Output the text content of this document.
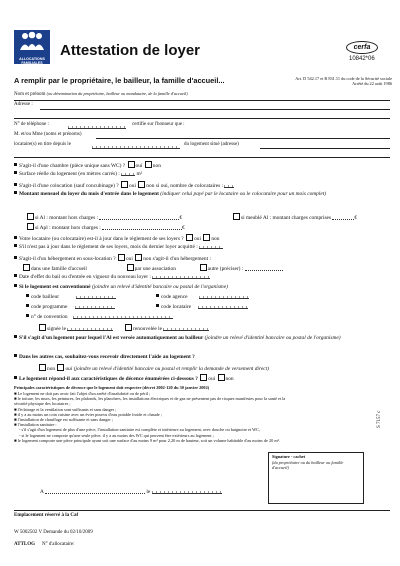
ALLOCATIONS FAMILIALES
Attestation de loyer	cerfa
10842*06
A remplir par le propriétaire, le bailleur, la famille d'accueil...	Art. D 542.17 et R 831.11 du code de la Sécurité sociale
Arrêté du 22 août 1986
Nom et prénom (ou dénomination du propriétaire, bailleur ou mandataire, de la famille d'accueil)
Adresse :
N° de téléphone :	certifie sur l'honneur que :
M. et/ou Mme (noms et prénoms)
locataire(s) en titre depuis le	du logement situé (adresse)
S'agit-il d'une chambre (pièce unique sans WC) ? oui non
Surface réelle du logement (en mètres carrés) :	m²
S'agit-il d'une colocation (sauf concubinage) ? oui non si oui, nombre de colocataires :
Montant mensuel du loyer du mois d'entrée dans le logement (indiquer celui payé par le locataire ou le colocataire pour un mois complet)
si Al : montant hors charges :	€	si meublé Al : montant charges comprises	€
si Apl : montant hors charges :	€
Votre locataire (ou colocataire) est-il à jour dans le règlement de ses loyers ? oui non
S'il n'est pas à jour dans le règlement de ses loyers, mois du dernier loyer acquitté :
S'agit-il d'un hébergement en sous-location ? oui non s'agit-il d'un hébergement :
dans une famille d'accueil	par une association	autre (préciser) :
Date d'effet du bail ou d'entrée en vigueur du nouveau loyer :
Si le logement est conventionné (joindre un relevé d'identité bancaire ou postal de l'organisme)
code bailleur	code agence
code programme	code locataire
n° de convention
signée le	renouvelée le
S'il s'agit d'un logement pour lequel l'Al est versée automatiquement au bailleur (joindre un relevé d'identité bancaire ou postal de l'organisme)
Dans les autres cas, souhaitez-vous recevoir directement l'aide au logement ?
non oui (joindre un relevé d'identité bancaire ou postal et remplir la demande de versement direct)
Le logement répond-il aux caractéristiques de décence énumérées ci-dessous ? oui non
Principales caractéristiques de décence que le logement doit respecter (décret 2002-120 du 30 janvier 2002)
■ Le logement ne doit pas avoir fait l'objet d'un arrêté d'insalubrité ou de péril ;
■ le toiture, les murs, les peintures, les plafonds, les planchers, les installations électriques et de gaz ne présentent pas de risques manifestes pour la santé et la
sécurité physique des locataires ;
■ l'éclairage et la ventilation sont suffisants et sans danger ;
■ il y a au moins un coin cuisine avec un évier pourvu d'eau potable froide et chaude ;
■ l'installation de chauffage est suffisante et sans danger ;
■ l'installation sanitaire :
- s'il s'agit d'un logement de plus d'une pièce, l'installation sanitaire est complète et intérieure au logement, avec douche ou baignoire et WC,
- si le logement ne comporte qu'une seule pièce, il y a au moins des WC qui peuvent être extérieurs au logement ;
■ le logement comporte une pièce principale ayant soit une surface d'au moins 9 m² pour 2,20 m de hauteur, soit un volume habitable d'au moins de 20 m³.
S 7157 c
A	le
Signature - cachet
(du propriétaire ou du bailleur ou famille d'accueil)
Emplacement réservé à la Caf
W 5002502 V Demande du 02/10/2009
ATTLOG N° d'allocataire:
